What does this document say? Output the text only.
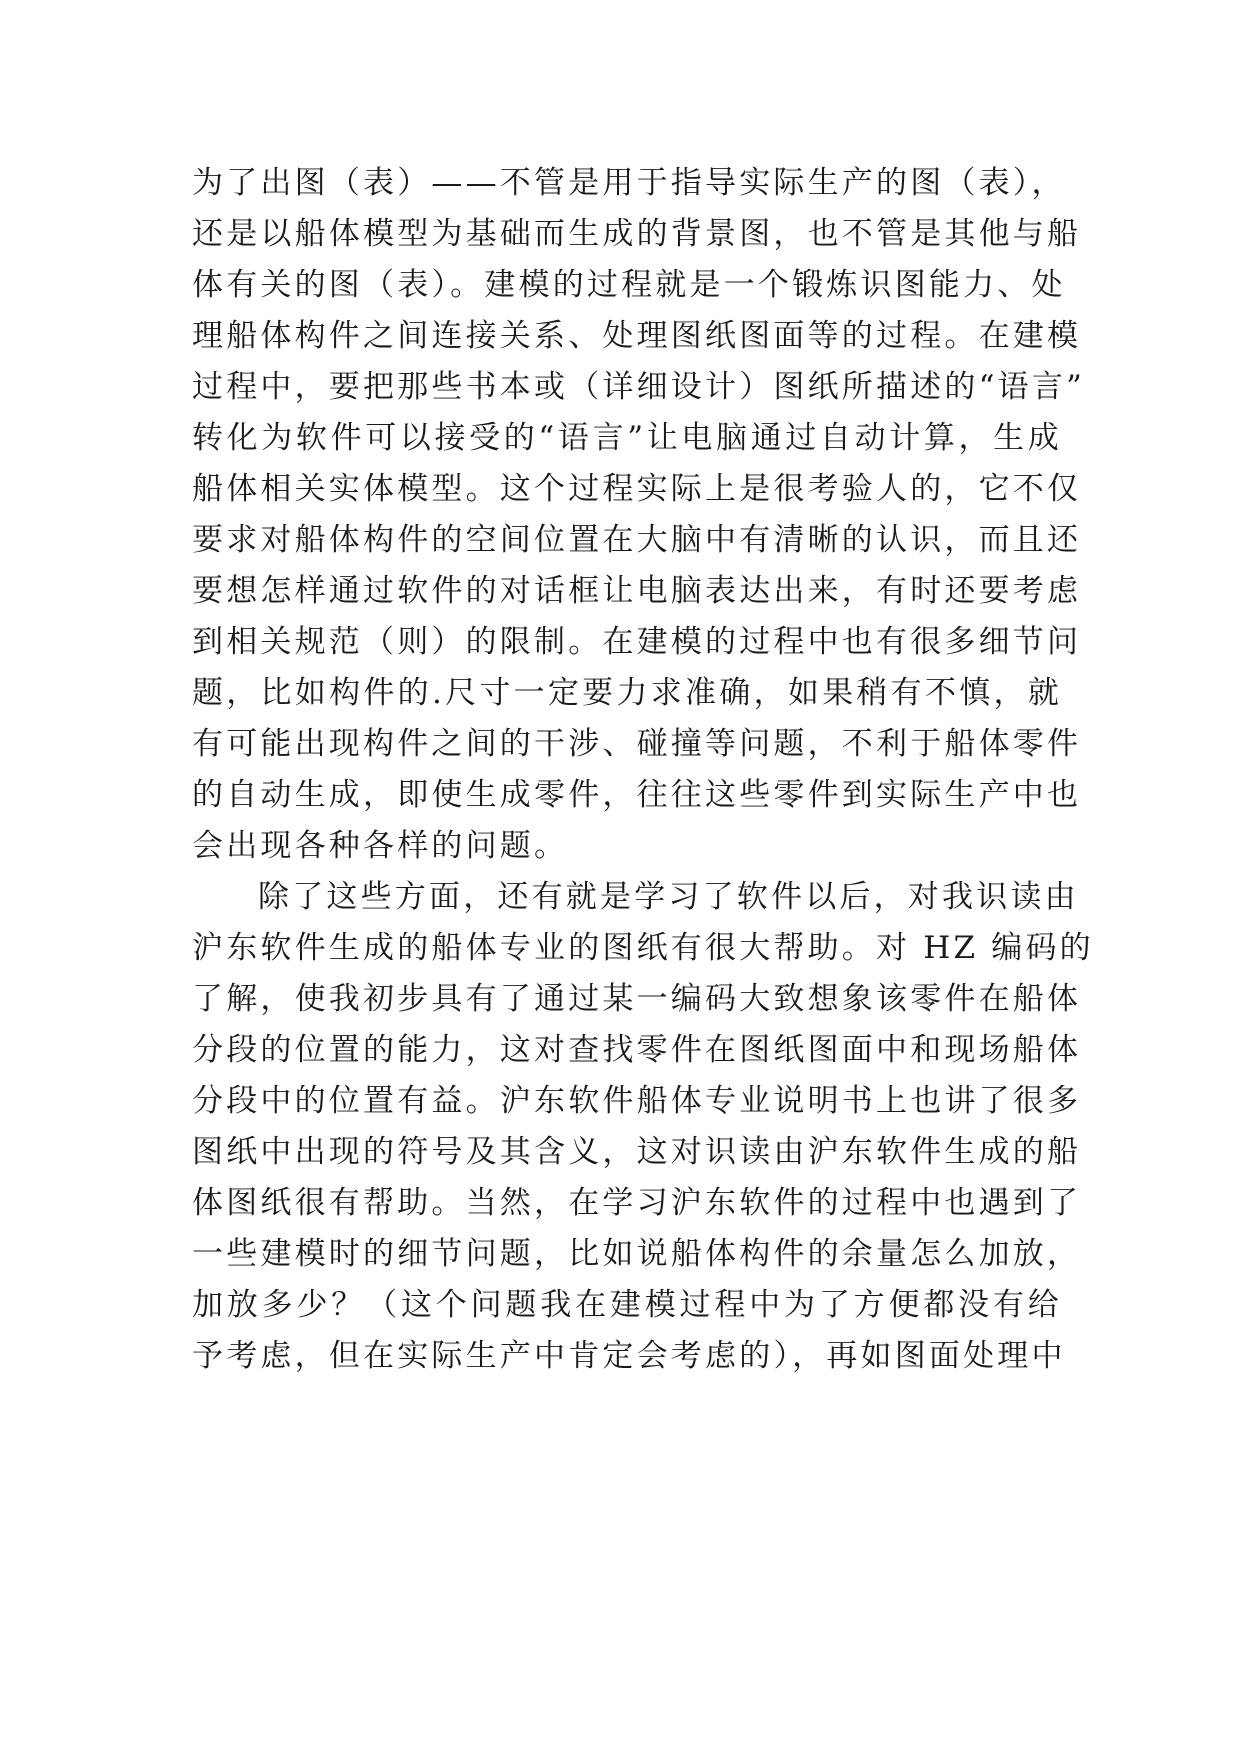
为了出图（表）——不管是用于指导实际生产的图（表），
还是以船体模型为基础而生成的背景图，也不管是其他与船
体有关的图（表）。建模的过程就是一个锻炼识图能力、处
理船体构件之间连接关系、处理图纸图面等的过程。在建模
过程中，要把那些书本或（详细设计）图纸所描述的“语言”
转化为软件可以接受的“语言”让电脑通过自动计算，生成
船体相关实体模型。这个过程实际上是很考验人的，它不仅
要求对船体构件的空间位置在大脑中有清晰的认识，而且还
要想怎样通过软件的对话框让电脑表达出来，有时还要考虑
到相关规范（则）的限制。在建模的过程中也有很多细节问
题，比如构件的.尺寸一定要力求准确，如果稍有不慎，就
有可能出现构件之间的干涉、碰撞等问题，不利于船体零件
的自动生成，即使生成零件，往往这些零件到实际生产中也
会出现各种各样的问题。
除了这些方面，还有就是学习了软件以后，对我识读由
沪东软件生成的船体专业的图纸有很大帮助。对 HZ 编码的
了解，使我初步具有了通过某一编码大致想象该零件在船体
分段的位置的能力，这对查找零件在图纸图面中和现场船体
分段中的位置有益。沪东软件船体专业说明书上也讲了很多
图纸中出现的符号及其含义，这对识读由沪东软件生成的船
体图纸很有帮助。当然，在学习沪东软件的过程中也遇到了
一些建模时的细节问题，比如说船体构件的余量怎么加放，
加放多少？（这个问题我在建模过程中为了方便都没有给
予考虑，但在实际生产中肯定会考虑的），再如图面处理中
